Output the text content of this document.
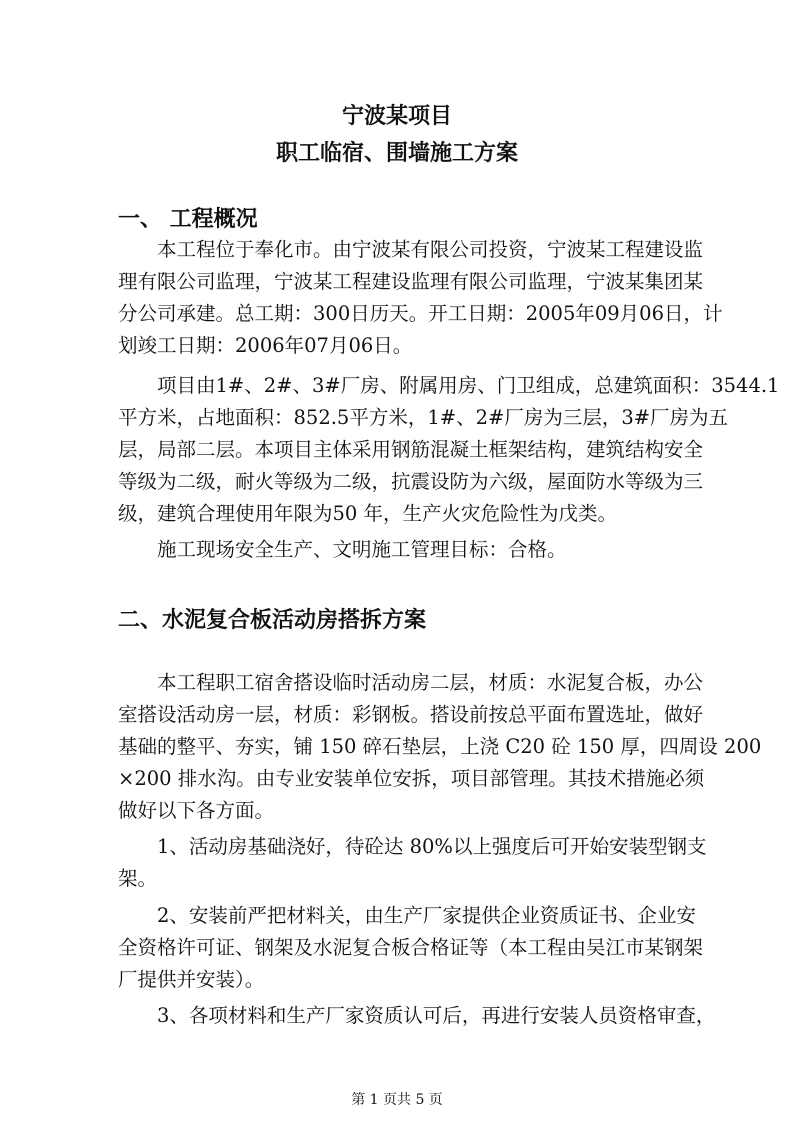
宁波某项目
职工临宿、围墙施工方案
一、 工程概况
　　本工程位于奉化市。由宁波某有限公司投资，宁波某工程建设监
理有限公司监理，宁波某工程建设监理有限公司监理，宁波某集团某
分公司承建。总工期：300日历天。开工日期：2005年09月06日，计
划竣工日期：2006年07月06日。
　　项目由1#、2#、3#厂房、附属用房、门卫组成，总建筑面积：3544.1
平方米，占地面积：852.5平方米，1#、2#厂房为三层，3#厂房为五
层，局部二层。本项目主体采用钢筋混凝土框架结构，建筑结构安全
等级为二级，耐火等级为二级，抗震设防为六级，屋面防水等级为三
级，建筑合理使用年限为50 年，生产火灾危险性为戊类。
　　施工现场安全生产、文明施工管理目标：合格。
二、水泥复合板活动房搭拆方案
　　本工程职工宿舍搭设临时活动房二层，材质：水泥复合板，办公
室搭设活动房一层，材质：彩钢板。搭设前按总平面布置选址，做好
基础的整平、夯实，铺 150 碎石垫层，上浇 C20 砼 150 厚，四周设 200
×200 排水沟。由专业安装单位安拆，项目部管理。其技术措施必须
做好以下各方面。
　　1、活动房基础浇好，待砼达 80%以上强度后可开始安装型钢支
架。
　　2、安装前严把材料关，由生产厂家提供企业资质证书、企业安
全资格许可证、钢架及水泥复合板合格证等（本工程由吴江市某钢架
厂提供并安装）。
　　3、各项材料和生产厂家资质认可后，再进行安装人员资格审查，
第 1 页共 5 页
